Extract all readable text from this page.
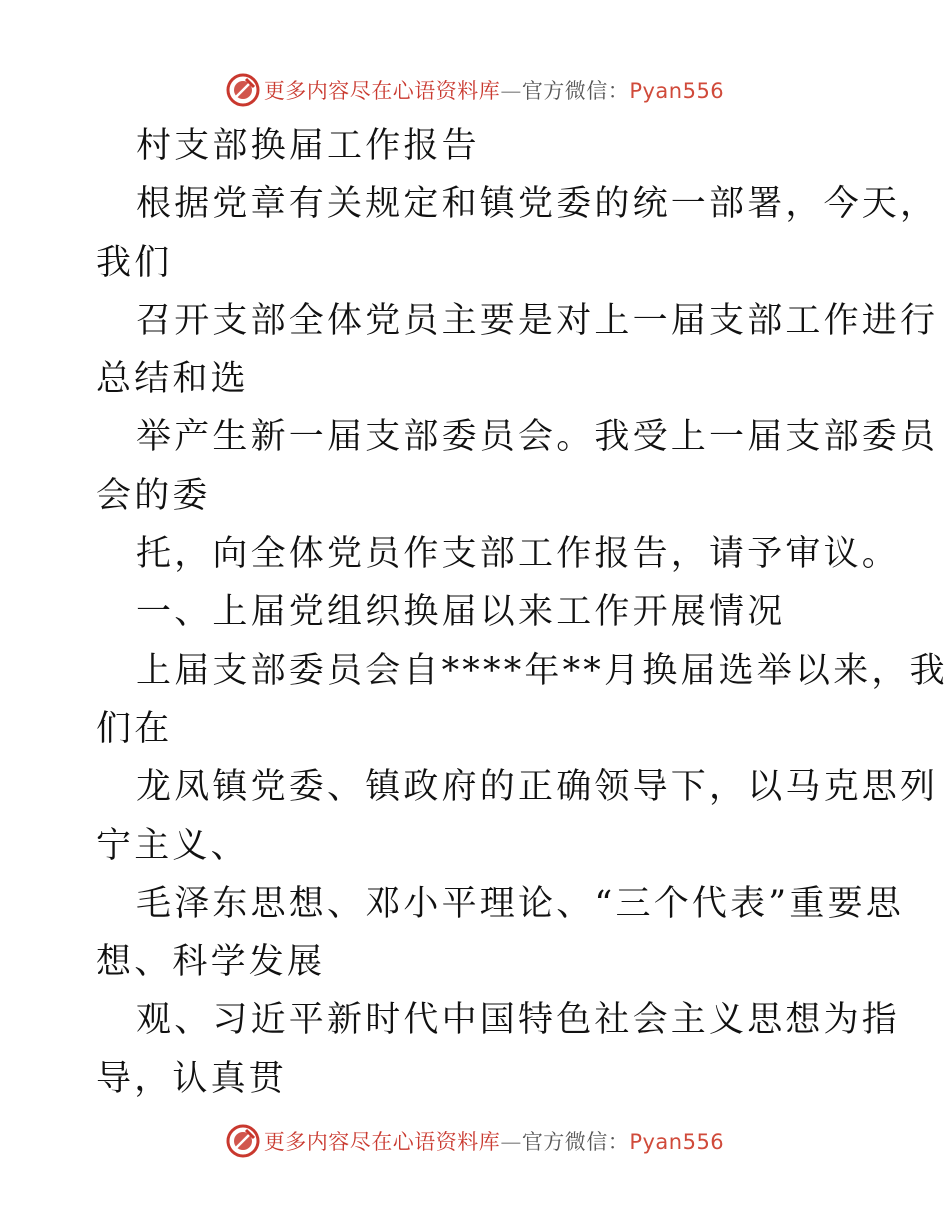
更多内容尽在心语资料库—官方微信：Pyan556
村支部换届工作报告
根据党章有关规定和镇党委的统一部署，今天，
我们
召开支部全体党员主要是对上一届支部工作进行
总结和选
举产生新一届支部委员会。我受上一届支部委员
会的委
托，向全体党员作支部工作报告，请予审议。
一、上届党组织换届以来工作开展情况
上届支部委员会自****年**月换届选举以来，我
们在
龙凤镇党委、镇政府的正确领导下，以马克思列
宁主义、
毛泽东思想、邓小平理论、“三个代表”重要思
想、科学发展
观、习近平新时代中国特色社会主义思想为指
导，认真贯
更多内容尽在心语资料库—官方微信：Pyan556
